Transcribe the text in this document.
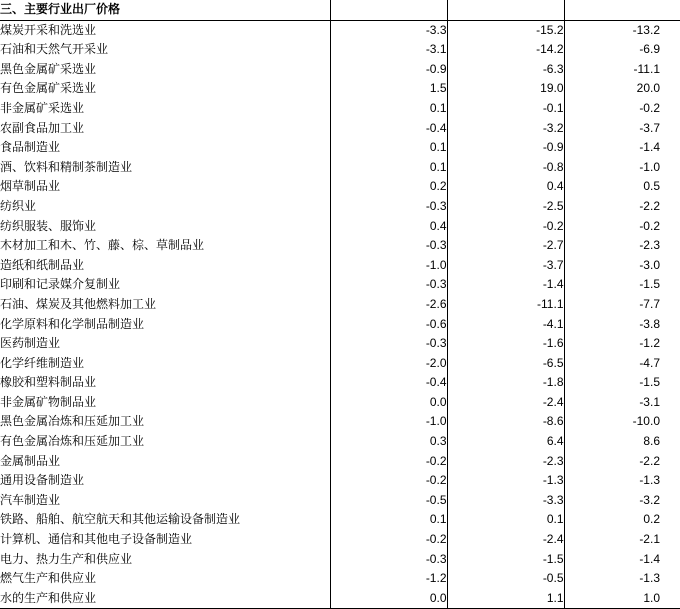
三、主要行业出厂价格			
煤炭开采和洗选业	-3.3	-15.2	-13.2
石油和天然气开采业	-3.1	-14.2	-6.9
黑色金属矿采选业	-0.9	-6.3	-11.1
有色金属矿采选业	1.5	19.0	20.0
非金属矿采选业	0.1	-0.1	-0.2
农副食品加工业	-0.4	-3.2	-3.7
食品制造业	0.1	-0.9	-1.4
酒、饮料和精制茶制造业	0.1	-0.8	-1.0
烟草制品业	0.2	0.4	0.5
纺织业	-0.3	-2.5	-2.2
纺织服装、服饰业	0.4	-0.2	-0.2
木材加工和木、竹、藤、棕、草制品业	-0.3	-2.7	-2.3
造纸和纸制品业	-1.0	-3.7	-3.0
印刷和记录媒介复制业	-0.3	-1.4	-1.5
石油、煤炭及其他燃料加工业	-2.6	-11.1	-7.7
化学原料和化学制品制造业	-0.6	-4.1	-3.8
医药制造业	-0.3	-1.6	-1.2
化学纤维制造业	-2.0	-6.5	-4.7
橡胶和塑料制品业	-0.4	-1.8	-1.5
非金属矿物制品业	0.0	-2.4	-3.1
黑色金属冶炼和压延加工业	-1.0	-8.6	-10.0
有色金属冶炼和压延加工业	0.3	6.4	8.6
金属制品业	-0.2	-2.3	-2.2
通用设备制造业	-0.2	-1.3	-1.3
汽车制造业	-0.5	-3.3	-3.2
铁路、船舶、航空航天和其他运输设备制造业	0.1	0.1	0.2
计算机、通信和其他电子设备制造业	-0.2	-2.4	-2.1
电力、热力生产和供应业	-0.3	-1.5	-1.4
燃气生产和供应业	-1.2	-0.5	-1.3
水的生产和供应业	0.0	1.1	1.0
